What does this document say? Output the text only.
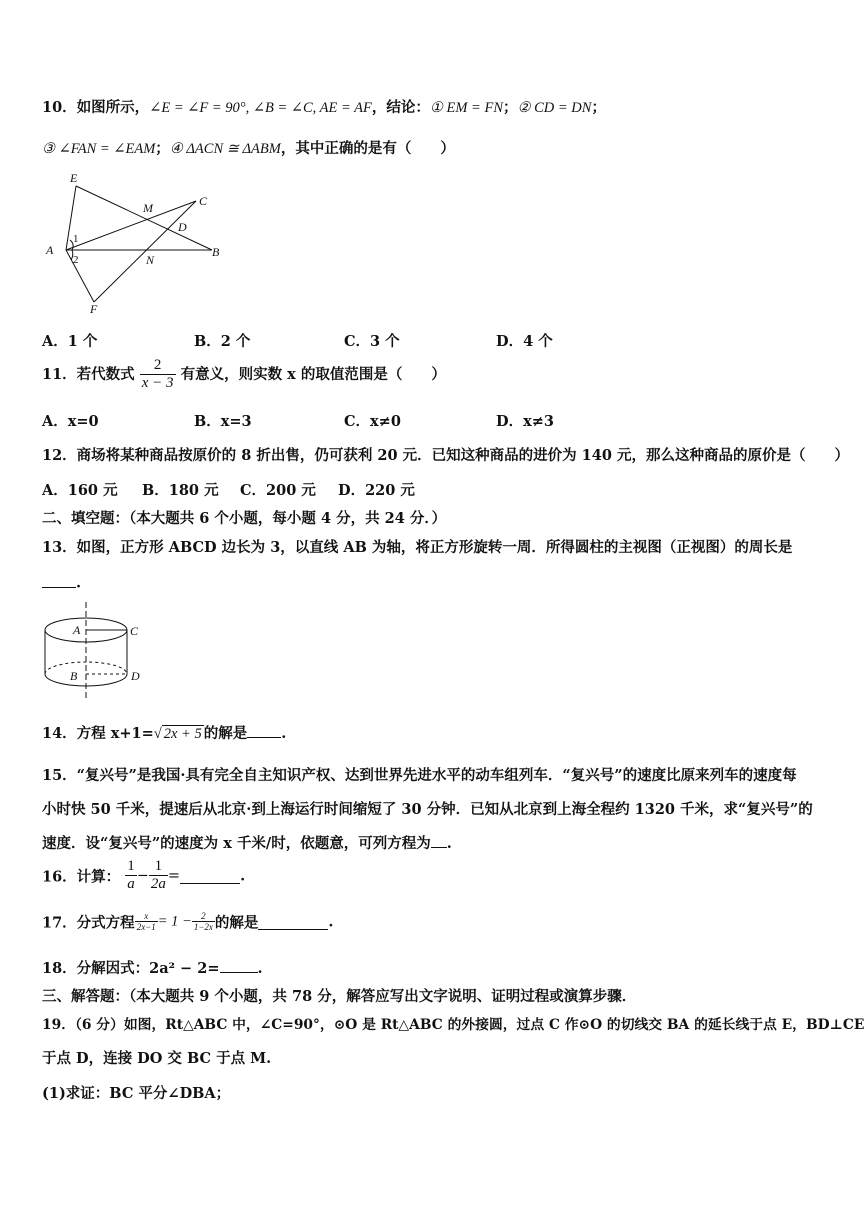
10．如图所示，∠E = ∠F = 90°, ∠B = ∠C, AE = AF，结论：① EM = FN；② CD = DN；
③ ∠FAN = ∠EAM；④ ΔACN ≅ ΔABM，其中正确的是有（　　）
E
M	C
D
A	B
N
F
1
2
A．1 个	B．2 个	C．3 个	D．4 个
11．若代数式 $\frac{2}{x - 3}$ 有意义，则实数 x 的取值范围是（　　）
A．x=0	B．x=3	C．x≠0	D．x≠3
12．商场将某种商品按原价的 8 折出售，仍可获利 20 元．已知这种商品的进价为 140 元，那么这种商品的原价是（　　）
A．160 元 B．180 元 C．200 元 D．220 元
二、填空题：（本大题共 6 个小题，每小题 4 分，共 24 分．）
13．如图，正方形 ABCD 边长为 3，以直线 AB 为轴，将正方形旋转一周．所得圆柱的主视图（正视图）的周长是
.
A	C
B	D
14．方程 x+1=√ 2x + 5 的解是 .
15．“复兴号”是我国·具有完全自主知识产权、达到世界先进水平的动车组列车．“复兴号”的速度比原来列车的速度每
小时快 50 千米，提速后从北京·到上海运行时间缩短了 30 分钟．已知从北京到上海全程约 1320 千米，求“复兴号”的
速度．设“复兴号”的速度为 x 千米/时，依题意，可列方程为 .
16．计算： $\frac{1}{a} - \frac{1}{2a}$ =	.
17．分式方程 $\frac{x}{2x-1} = 1 - \frac{2}{1-2x}$ 的解是	.
18．分解因式：2a² − 2=	.
三、解答题：（本大题共 9 个小题，共 78 分，解答应写出文字说明、证明过程或演算步骤．
19．（6 分）如图，Rt△ABC 中，∠C=90°，⊙O 是 Rt△ABC 的外接圆，过点 C 作⊙O 的切线交 BA 的延长线于点 E，BD⊥CE
于点 D，连接 DO 交 BC 于点 M.
(1)求证：BC 平分∠DBA；
